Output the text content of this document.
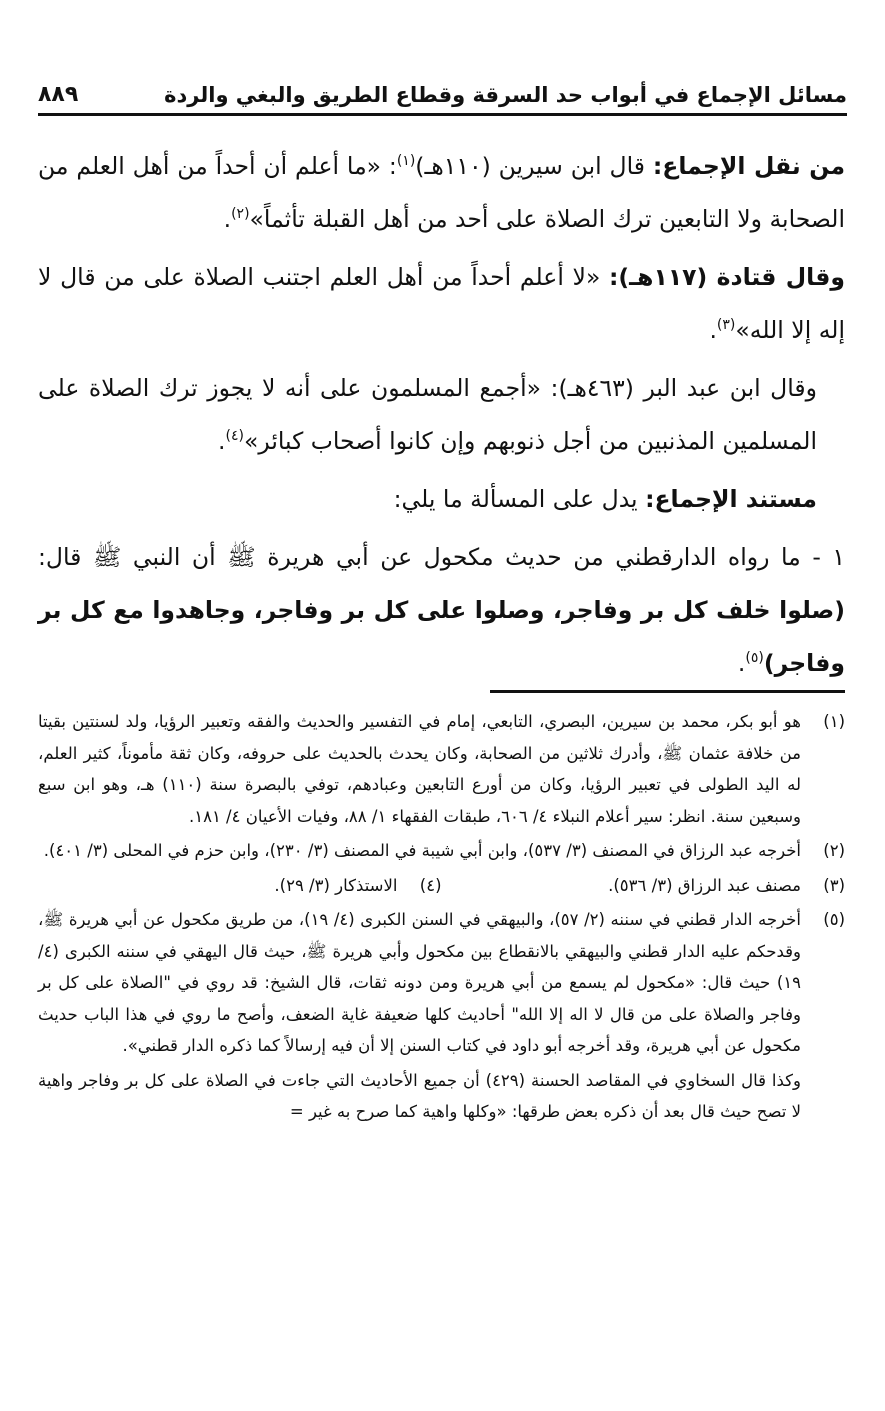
مسائل الإجماع في أبواب حد السرقة وقطاع الطريق والبغي والردة
٨٨٩

من نقل الإجماع: قال ابن سيرين (١١٠هـ)$^{(١)}$: «ما أعلم أن أحداً من أهل العلم من الصحابة ولا التابعين ترك الصلاة على أحد من أهل القبلة تأثماً»$^{(٢)}$.

وقال قتادة (١١٧هـ): «لا أعلم أحداً من أهل العلم اجتنب الصلاة على من قال لا إله إلا الله»$^{(٣)}$.

وقال ابن عبد البر (٤٦٣هـ): «أجمع المسلمون على أنه لا يجوز ترك الصلاة على المسلمين المذنبين من أجل ذنوبهم وإن كانوا أصحاب كبائر»$^{(٤)}$.

مستند الإجماع: يدل على المسألة ما يلي:

١ - ما رواه الدارقطني من حديث مكحول عن أبي هريرة ﷺ أن النبي ﷺ قال: (صلوا خلف كل بر وفاجر، وصلوا على كل بر وفاجر، وجاهدوا مع كل بر وفاجر)$^{(٥)}$.

(١)
هو أبو بكر، محمد بن سيرين، البصري، التابعي، إمام في التفسير والحديث والفقه وتعبير الرؤيا، ولد لسنتين بقيتا من خلافة عثمان ﷺ، وأدرك ثلاثين من الصحابة، وكان يحدث بالحديث على حروفه، وكان ثقة مأموناً، كثير العلم، له اليد الطولى في تعبير الرؤيا، وكان من أورع التابعين وعبادهم، توفي بالبصرة سنة (١١٠) هـ، وهو ابن سبع وسبعين سنة. انظر: سير أعلام النبلاء ٤/ ٦٠٦، طبقات الفقهاء ١/ ٨٨، وفيات الأعيان ٤/ ١٨١.
(٢)
أخرجه عبد الرزاق في المصنف (٣/ ٥٣٧)، وابن أبي شيبة في المصنف (٣/ ٢٣٠)، وابن حزم في المحلى (٣/ ٤٠١).
(٣)
مصنف عبد الرزاق (٣/ ٥٣٦).
(٤)
الاستذكار (٣/ ٢٩).
(٥)
أخرجه الدار قطني في سننه (٢/ ٥٧)، والبيهقي في السنن الكبرى (٤/ ١٩)، من طريق مكحول عن أبي هريرة ﷺ، وقدحكم عليه الدار قطني والبيهقي بالانقطاع بين مكحول وأبي هريرة ﷺ، حيث قال اليهقي في سننه الكبرى (٤/ ١٩) حيث قال: «مكحول لم يسمع من أبي هريرة ومن دونه ثقات، قال الشيخ: قد روي في "الصلاة على كل بر وفاجر والصلاة على من قال لا اله إلا الله" أحاديث كلها ضعيفة غاية الضعف، وأصح ما روي في هذا الباب حديث مكحول عن أبي هريرة، وقد أخرجه أبو داود في كتاب السنن إلا أن فيه إرسالاً كما ذكره الدار قطني».

وكذا قال السخاوي في المقاصد الحسنة (٤٢٩) أن جميع الأحاديث التي جاءت في الصلاة على كل بر وفاجر واهية لا تصح حيث قال بعد أن ذكره بعض طرقها: «وكلها واهية كما صرح به غير =
